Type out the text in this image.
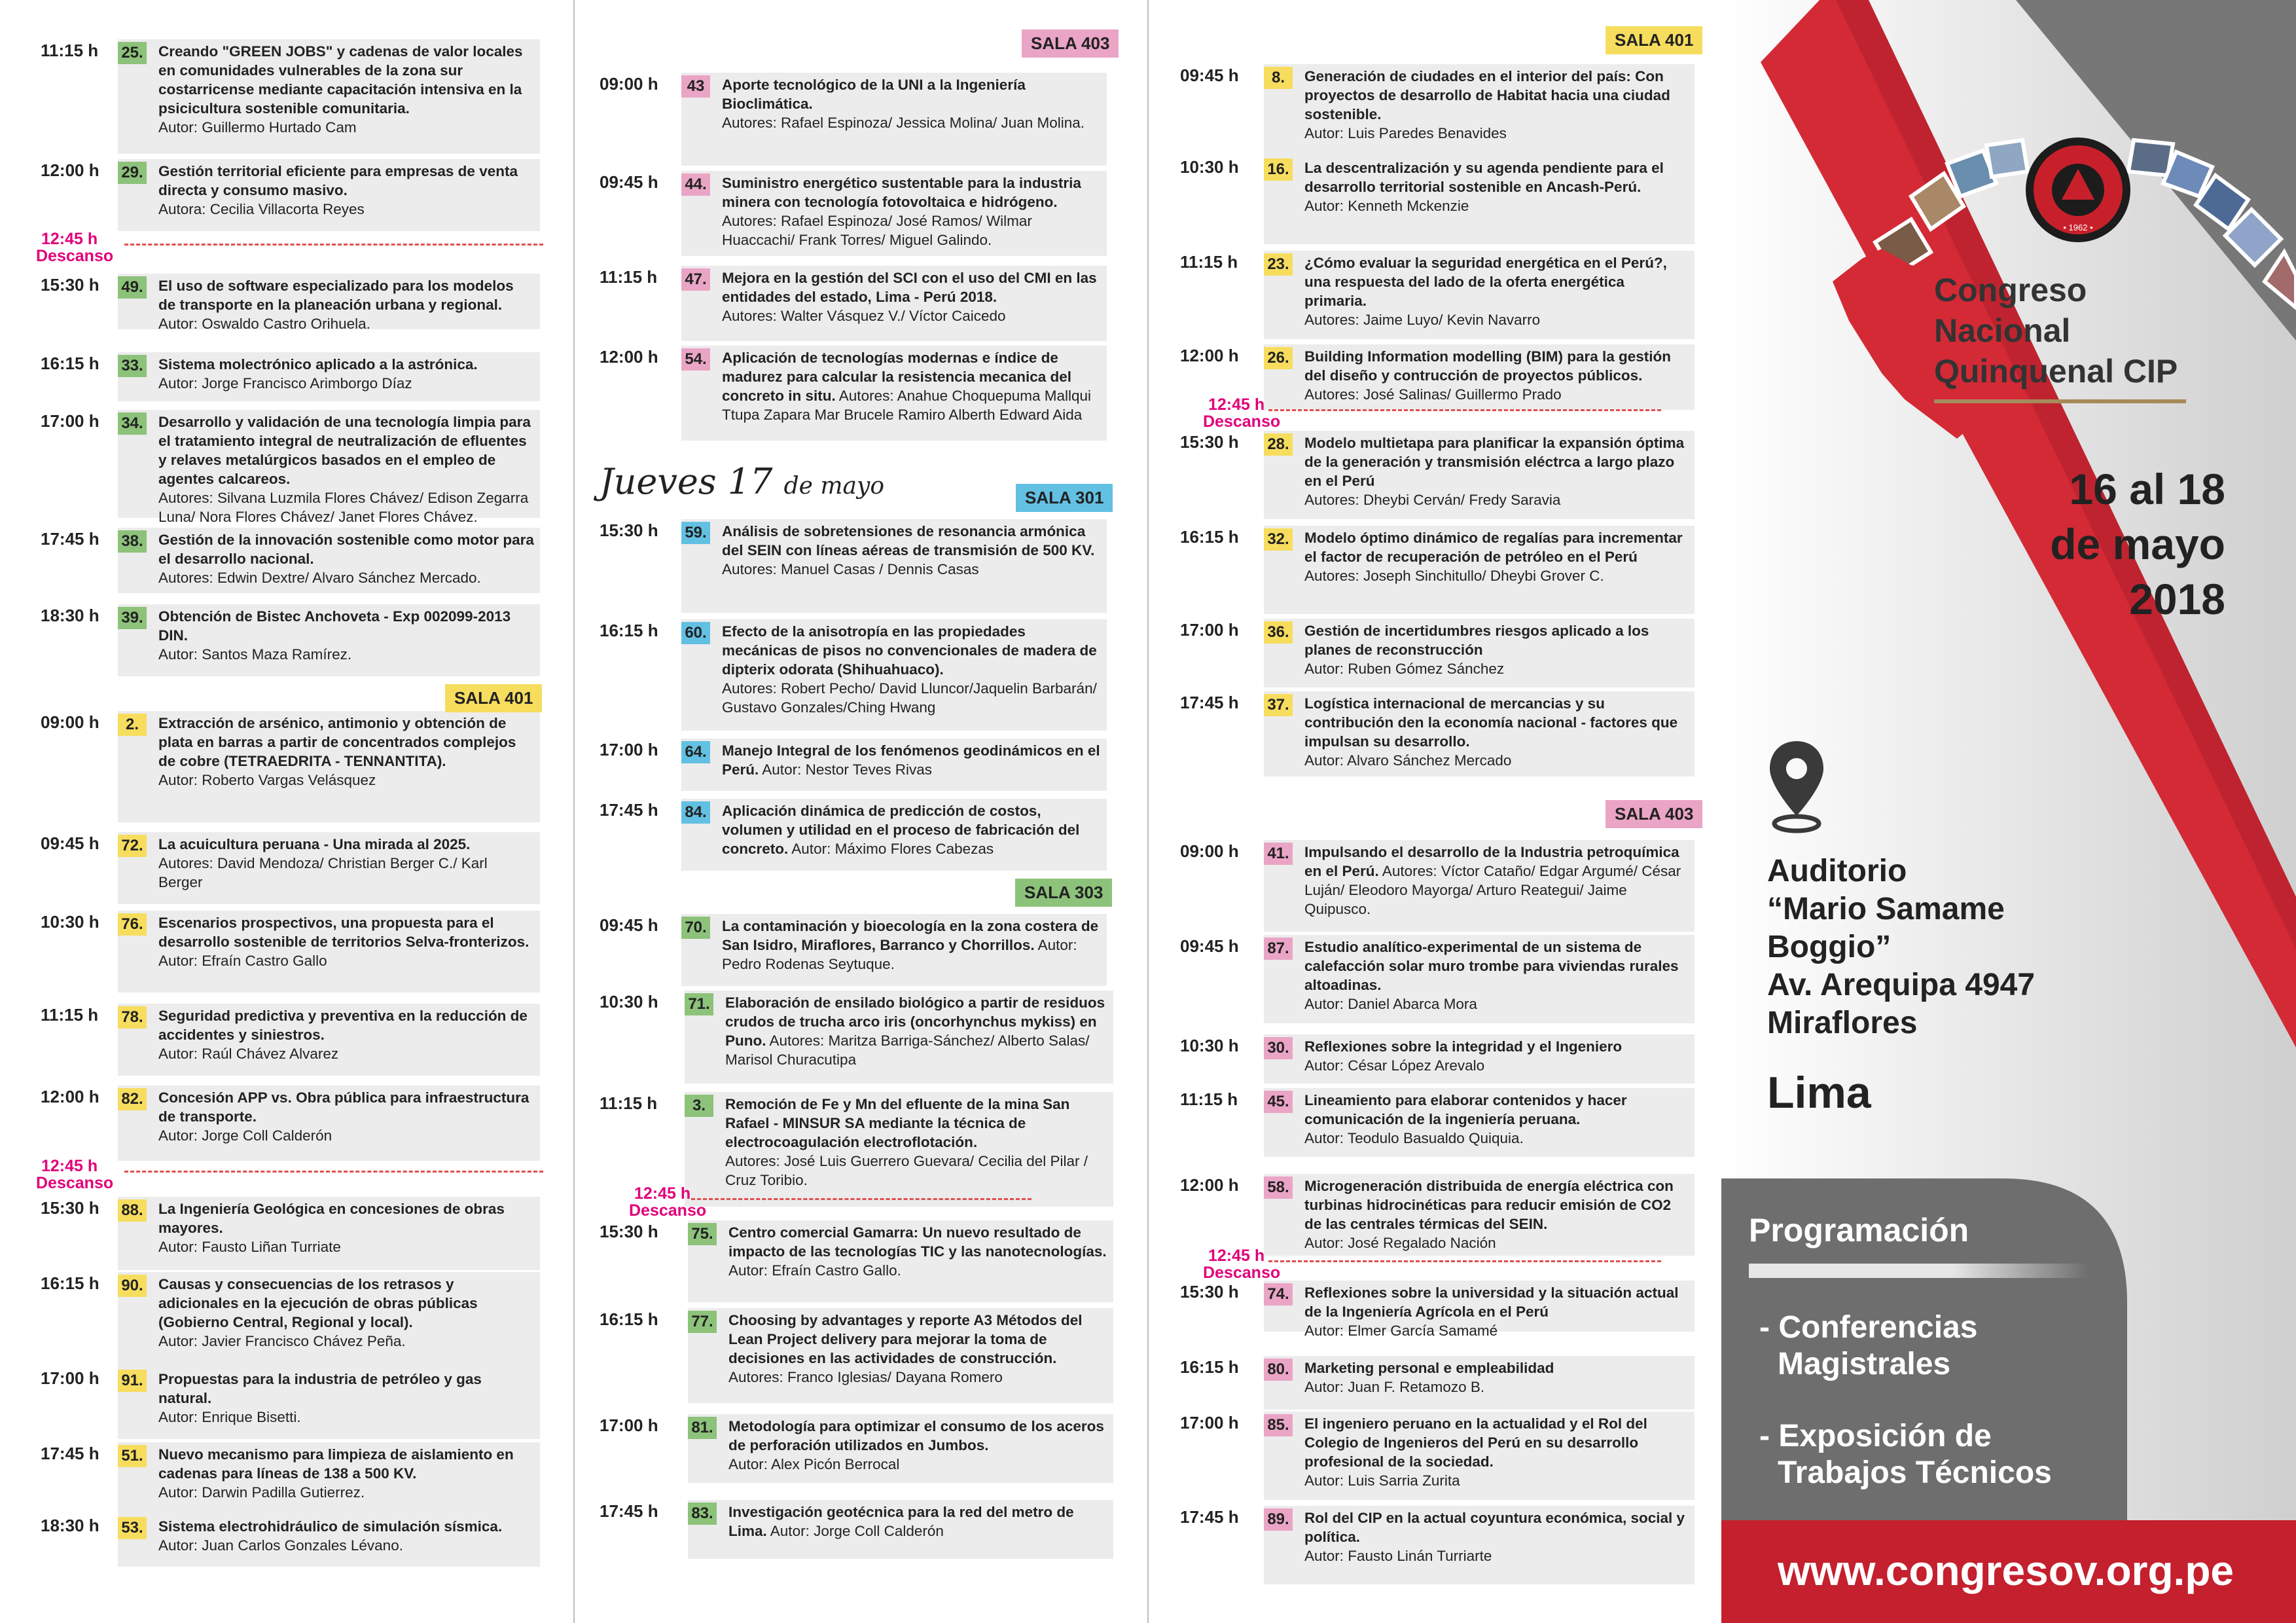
11:15 h 25. Creando "GREEN JOBS" y cadenas de valor locales en comunidades vulnerables de la zona sur costarricense mediante capacitación intensiva en la psicicultura sostenible comunitaria.
Autor: Guillermo Hurtado Cam
12:00 h 29. Gestión territorial eficiente para empresas de venta directa y consumo masivo.
Autora: Cecilia Villacorta Reyes
15:30 h 49. El uso de software especializado para los modelos de transporte en la planeación urbana y regional.
Autor: Oswaldo Castro Orihuela.
16:15 h 33. Sistema molectrónico aplicado a la astrónica.
Autor: Jorge Francisco Arimborgo Díaz
17:00 h 34. Desarrollo y validación de una tecnología limpia para el tratamiento integral de neutralización de efluentes y relaves metalúrgicos basados en el empleo de agentes calcareos.
Autores: Silvana Luzmila Flores Chávez/ Edison Zegarra Luna/ Nora Flores Chávez/ Janet Flores Chávez.
17:45 h 38. Gestión de la innovación sostenible como motor para el desarrollo nacional.
Autores: Edwin Dextre/ Alvaro Sánchez Mercado.
18:30 h 39. Obtención de Bistec Anchoveta - Exp 002099-2013 DIN.
Autor: Santos Maza Ramírez.
09:00 h	2.	Extracción de arsénico, antimonio y obtención de plata en barras a partir de concentrados complejos de cobre (TETRAEDRITA - TENNANTITA).
Autor: Roberto Vargas Velásquez
09:45 h 72. La acuicultura peruana - Una mirada al 2025.
Autores: David Mendoza/ Christian Berger C./ Karl Berger
10:30 h 76. Escenarios prospectivos, una propuesta para el desarrollo sostenible de territorios Selva-fronterizos.
Autor: Efraín Castro Gallo
11:15 h 78. Seguridad predictiva y preventiva en la reducción de accidentes y siniestros.
Autor: Raúl Chávez Alvarez
12:00 h 82. Concesión APP vs. Obra pública para infraestructura de transporte.
Autor: Jorge Coll Calderón
15:30 h 88. La Ingeniería Geológica en concesiones de obras mayores.
Autor: Fausto Liñan Turriate
16:15 h 90. Causas y consecuencias de los retrasos y adicionales en la ejecución de obras públicas (Gobierno Central, Regional y local).
Autor: Javier Francisco Chávez Peña.
17:00 h 91. Propuestas para la industria de petróleo y gas natural.
Autor: Enrique Bisetti.
17:45 h 51. Nuevo mecanismo para limpieza de aislamiento en cadenas para líneas de 138 a 500 KV.
Autor: Darwin Padilla Gutierrez.
18:30 h 53. Sistema electrohidráulico de simulación sísmica.
Autor: Juan Carlos Gonzales Lévano.
12:45 h
Descanso
12:45 h
Descanso
SALA 401
Jueves 17 de mayo
09:00 h	43	Aporte tecnológico de la UNI a la Ingeniería Bioclimática.
Autores: Rafael Espinoza/ Jessica Molina/ Juan Molina.
09:45 h 44. Suministro energético sustentable para la industria minera con tecnología fotovoltaica e hidrógeno.
Autores: Rafael Espinoza/ José Ramos/ Wilmar Huaccachi/ Frank Torres/ Miguel Galindo.
11:15 h 47. Mejora en la gestión del SCI con el uso del CMI en las entidades del estado, Lima - Perú 2018.
Autores: Walter Vásquez V./ Víctor Caicedo
12:00 h 54. Aplicación de tecnologías modernas e índice de madurez para calcular la resistencia mecanica del concreto in situ. Autores: Anahue Choquepuma Mallqui Ttupa Zapara Mar Brucele Ramiro Alberth Edward Aida
15:30 h 59. Análisis de sobretensiones de resonancia armónica del SEIN con líneas aéreas de transmisión de 500 KV.
Autores: Manuel Casas / Dennis Casas
16:15 h 60. Efecto de la anisotropía en las propiedades mecánicas de pisos no convencionales de madera de dipterix odorata (Shihuahuaco).
Autores: Robert Pecho/ David Lluncor/Jaquelin Barbarán/ Gustavo Gonzales/Ching Hwang
17:00 h 64. Manejo Integral de los fenómenos geodinámicos en el Perú. Autor: Nestor Teves Rivas
17:45 h 84. Aplicación dinámica de predicción de costos, volumen y utilidad en el proceso de fabricación del concreto. Autor: Máximo Flores Cabezas
09:45 h 70. La contaminación y bioecología en la zona costera de San Isidro, Miraflores, Barranco y Chorrillos. Autor: Pedro Rodenas Seytuque.
10:30 h 71. Elaboración de ensilado biológico a partir de residuos crudos de trucha arco iris (oncorhynchus mykiss) en Puno. Autores: Maritza Barriga-Sánchez/ Alberto Salas/ Marisol Churacutipa
11:15 h	3.	Remoción de Fe y Mn del efluente de la mina San Rafael - MINSUR SA mediante la técnica de electrocoagulación electroflotación.
Autores: José Luis Guerrero Guevara/ Cecilia del Pilar / Cruz Toribio.
15:30 h 75. Centro comercial Gamarra: Un nuevo resultado de impacto de las tecnologías TIC y las nanotecnologías. Autor: Efraín Castro Gallo.
16:15 h 77. Choosing by advantages y reporte A3 Métodos del Lean Project delivery para mejorar la toma de decisiones en las actividades de construcción.
Autores: Franco Iglesias/ Dayana Romero
17:00 h 81. Metodología para optimizar el consumo de los aceros de perforación utilizados en Jumbos.
Autor: Alex Picón Berrocal
17:45 h 83. Investigación geotécnica para la red del metro de Lima. Autor: Jorge Coll Calderón
12:45 h
Descanso
SALA 403
SALA 301
SALA 303
09:45 h	8.	Generación de ciudades en el interior del país: Con proyectos de desarrollo de Habitat hacia una ciudad sostenible.
Autor: Luis Paredes Benavides
10:30 h 16. La descentralización y su agenda pendiente para el desarrollo territorial sostenible en Ancash-Perú.
Autor: Kenneth Mckenzie
11:15 h 23. ¿Cómo evaluar la seguridad energética en el Perú?, una respuesta del lado de la oferta energética primaria.
Autores: Jaime Luyo/ Kevin Navarro
12:00 h 26. Building Information modelling (BIM) para la gestión del diseño y contrucción de proyectos públicos.
Autores: José Salinas/ Guillermo Prado
15:30 h 28. Modelo multietapa para planificar la expansión óptima de la generación y transmisión eléctrca a largo plazo en el Perú
Autores: Dheybi Cerván/ Fredy Saravia
16:15 h 32. Modelo óptimo dinámico de regalías para incrementar el factor de recuperación de petróleo en el Perú
Autores: Joseph Sinchitullo/ Dheybi Grover C.
17:00 h 36. Gestión de incertidumbres riesgos aplicado a los planes de reconstrucción
Autor: Ruben Gómez Sánchez
17:45 h 37. Logística internacional de mercancias y su contribución den la economía nacional - factores que impulsan su desarrollo.
Autor: Alvaro Sánchez Mercado
09:00 h 41. Impulsando el desarrollo de la Industria petroquímica en el Perú. Autores: Víctor Cataño/ Edgar Argumé/ César Luján/ Eleodoro Mayorga/ Arturo Reategui/ Jaime Quipusco.
09:45 h 87. Estudio analítico-experimental de un sistema de calefacción solar muro trombe para viviendas rurales altoadinas.
Autor: Daniel Abarca Mora
10:30 h 30. Reflexiones sobre la integridad y el Ingeniero
Autor: César López Arevalo
11:15 h 45. Lineamiento para elaborar contenidos y hacer comunicación de la ingeniería peruana.
Autor: Teodulo Basualdo Quiquia.
12:00 h 58. Microgeneración distribuida de energía eléctrica con turbinas hidrocinéticas para reducir emisión de CO2 de las centrales térmicas del SEIN.
Autor: José Regalado Nación
15:30 h 74. Reflexiones sobre la universidad y la situación actual de la Ingeniería Agrícola en el Perú
Autor: Elmer García Samamé
16:15 h 80. Marketing personal e empleabilidad
Autor: Juan F. Retamozo B.
17:00 h 85. El ingeniero peruano en la actualidad y el Rol del Colegio de Ingenieros del Perú en su desarrollo profesional de la sociedad.
Autor: Luis Sarria Zurita
17:45 h 89. Rol del CIP en la actual coyuntura económica, social y política.
Autor: Fausto Linán Turriarte
12:45 h
Descanso
12:45 h
Descanso
SALA 401
SALA 403
• 1962 •
Congreso
Nacional
Quinquenal CIP
16 al 18
de mayo
2018
Auditorio
“Mario Samame
Boggio”
Av. Arequipa 4947
Miraflores
Lima
Programación
- Conferencias
Magistrales
- Exposición de
Trabajos Técnicos
www.congresov.org.pe
